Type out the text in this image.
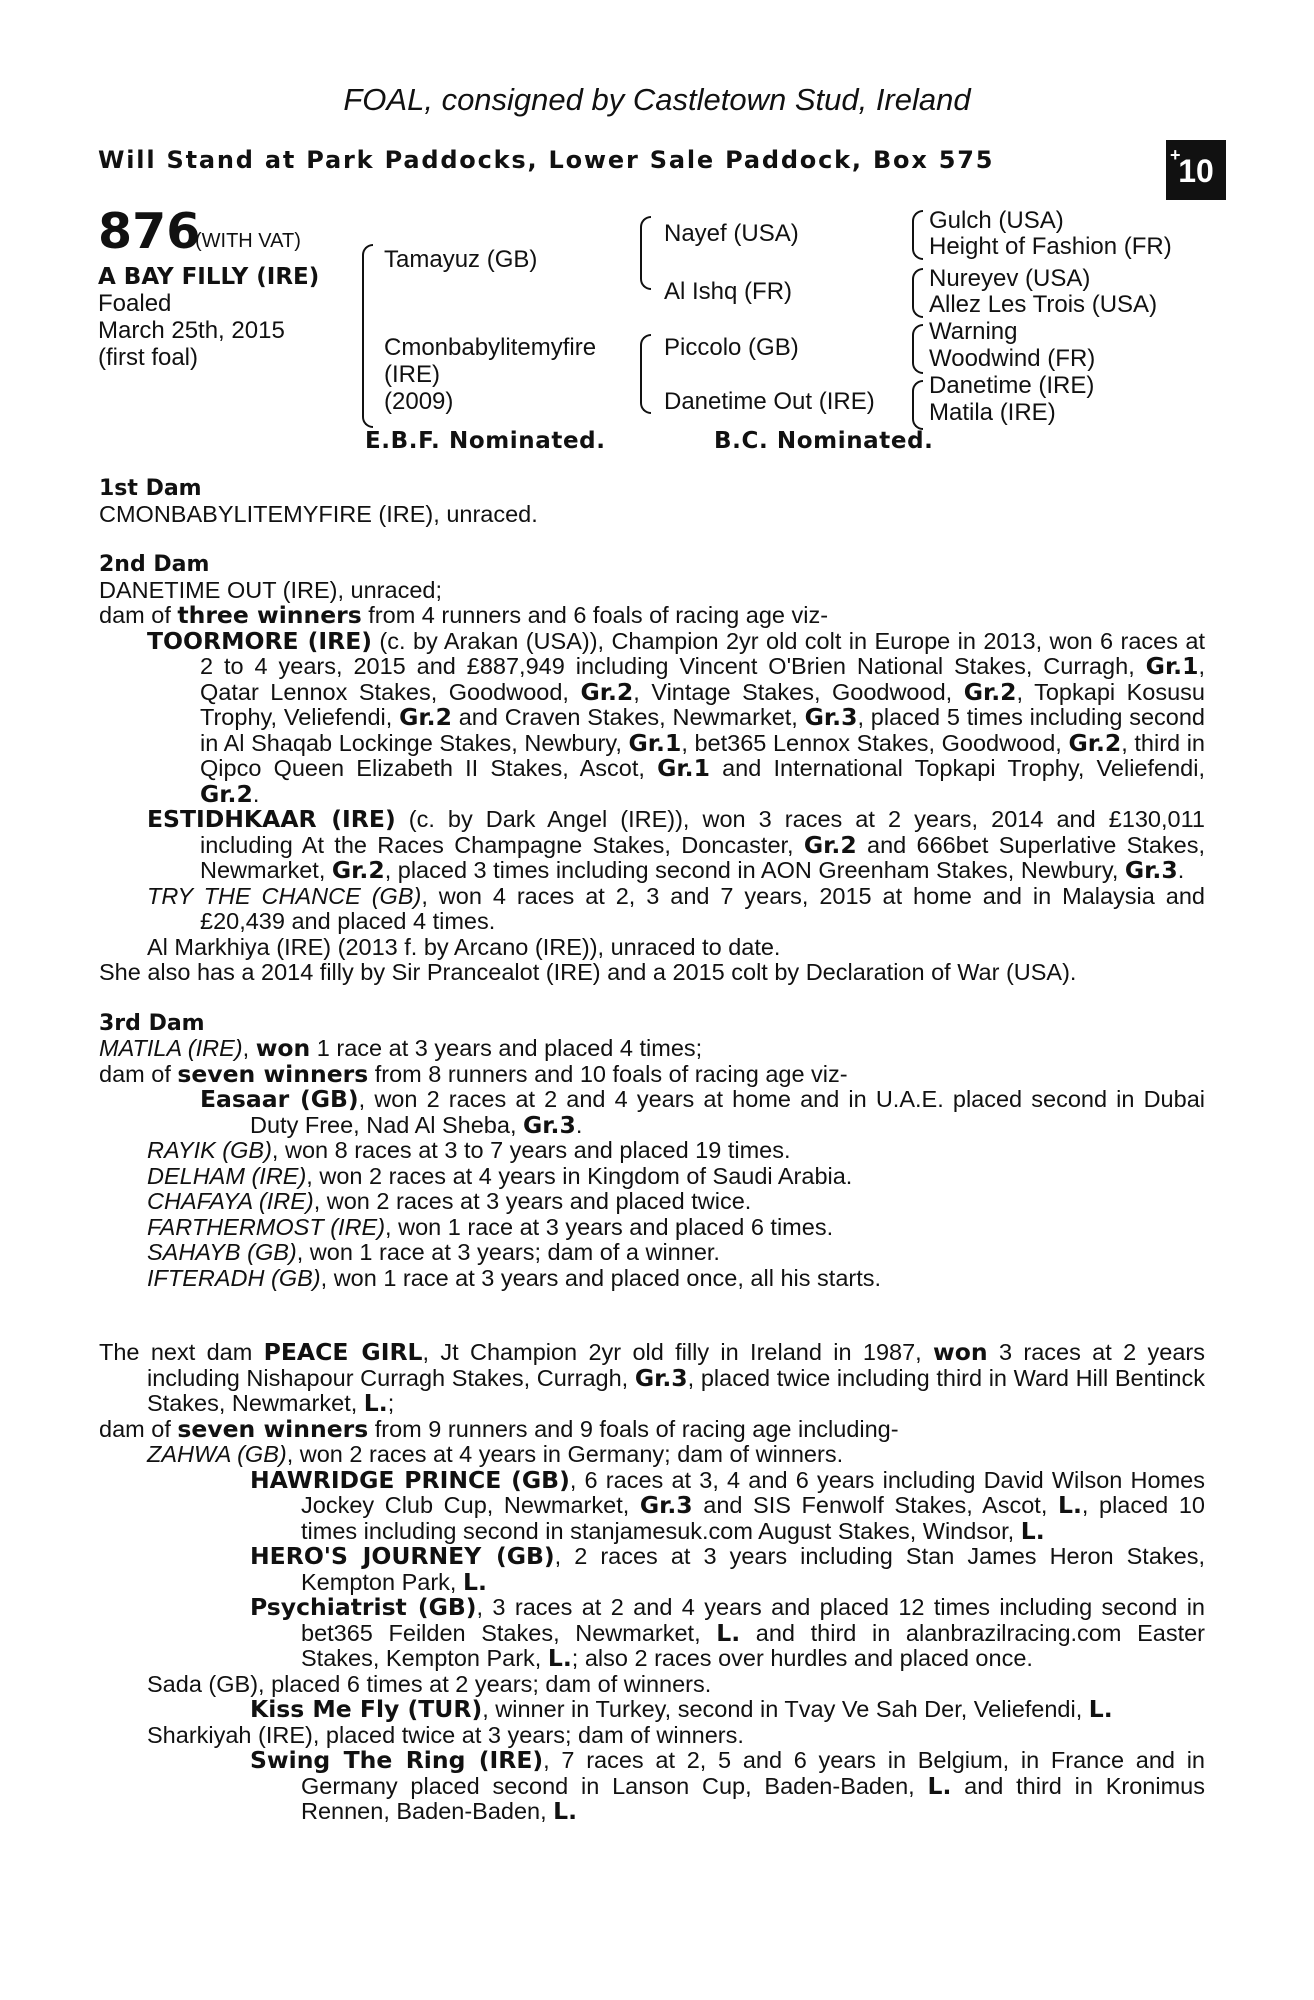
FOAL, consigned by Castletown Stud, Ireland
Will Stand at Park Paddocks, Lower Sale Paddock, Box 575	+
10
876
(WITH VAT)
A BAY FILLY (IRE)
Foaled
March 25th, 2015
(first foal)
Tamayuz (GB)
Cmonbabylitemyfire
(IRE)
(2009)
Nayef (USA)
Al Ishq (FR)
Piccolo (GB)
Danetime Out (IRE)
Gulch (USA)
Height of Fashion (FR)
Nureyev (USA)
Allez Les Trois (USA)
Warning
Woodwind (FR)
Danetime (IRE)
Matila (IRE)
E.B.F. Nominated.	B.C. Nominated.
1st Dam
CMONBABYLITEMYFIRE (IRE), unraced.
2nd Dam
DANETIME OUT (IRE), unraced;
dam of three winners from 4 runners and 6 foals of racing age viz-
TOORMORE (IRE) (c. by Arakan (USA)), Champion 2yr old colt in Europe in 2013, won 6 races at 2 to 4 years, 2015 and £887,949 including Vincent O'Brien National Stakes, Curragh, Gr.1, Qatar Lennox Stakes, Goodwood, Gr.2, Vintage Stakes, Goodwood, Gr.2, Topkapi Kosusu Trophy, Veliefendi, Gr.2 and Craven Stakes, Newmarket, Gr.3, placed 5 times including second in Al Shaqab Lockinge Stakes, Newbury, Gr.1, bet365 Lennox Stakes, Goodwood, Gr.2, third in Qipco Queen Elizabeth II Stakes, Ascot, Gr.1 and International Topkapi Trophy, Veliefendi, Gr.2.
ESTIDHKAAR (IRE) (c. by Dark Angel (IRE)), won 3 races at 2 years, 2014 and £130,011 including At the Races Champagne Stakes, Doncaster, Gr.2 and 666bet Superlative Stakes, Newmarket, Gr.2, placed 3 times including second in AON Greenham Stakes, Newbury, Gr.3.
TRY THE CHANCE (GB), won 4 races at 2, 3 and 7 years, 2015 at home and in Malaysia and £20,439 and placed 4 times.
Al Markhiya (IRE) (2013 f. by Arcano (IRE)), unraced to date.
She also has a 2014 filly by Sir Prancealot (IRE) and a 2015 colt by Declaration of War (USA).
3rd Dam
MATILA (IRE), won 1 race at 3 years and placed 4 times;
dam of seven winners from 8 runners and 10 foals of racing age viz-
Easaar (GB), won 2 races at 2 and 4 years at home and in U.A.E. placed second in Dubai Duty Free, Nad Al Sheba, Gr.3.
RAYIK (GB), won 8 races at 3 to 7 years and placed 19 times.
DELHAM (IRE), won 2 races at 4 years in Kingdom of Saudi Arabia.
CHAFAYA (IRE), won 2 races at 3 years and placed twice.
FARTHERMOST (IRE), won 1 race at 3 years and placed 6 times.
SAHAYB (GB), won 1 race at 3 years; dam of a winner.
IFTERADH (GB), won 1 race at 3 years and placed once, all his starts.
The next dam PEACE GIRL, Jt Champion 2yr old filly in Ireland in 1987, won 3 races at 2 years including Nishapour Curragh Stakes, Curragh, Gr.3, placed twice including third in Ward Hill Bentinck Stakes, Newmarket, L.;
dam of seven winners from 9 runners and 9 foals of racing age including-
ZAHWA (GB), won 2 races at 4 years in Germany; dam of winners.
HAWRIDGE PRINCE (GB), 6 races at 3, 4 and 6 years including David Wilson Homes Jockey Club Cup, Newmarket, Gr.3 and SIS Fenwolf Stakes, Ascot, L., placed 10 times including second in stanjamesuk.com August Stakes, Windsor, L.
HERO'S JOURNEY (GB), 2 races at 3 years including Stan James Heron Stakes, Kempton Park, L.
Psychiatrist (GB), 3 races at 2 and 4 years and placed 12 times including second in bet365 Feilden Stakes, Newmarket, L. and third in alanbrazilracing.com Easter Stakes, Kempton Park, L.; also 2 races over hurdles and placed once.
Sada (GB), placed 6 times at 2 years; dam of winners.
Kiss Me Fly (TUR), winner in Turkey, second in Tvay Ve Sah Der, Veliefendi, L.
Sharkiyah (IRE), placed twice at 3 years; dam of winners.
Swing The Ring (IRE), 7 races at 2, 5 and 6 years in Belgium, in France and in Germany placed second in Lanson Cup, Baden-Baden, L. and third in Kronimus Rennen, Baden-Baden, L.
